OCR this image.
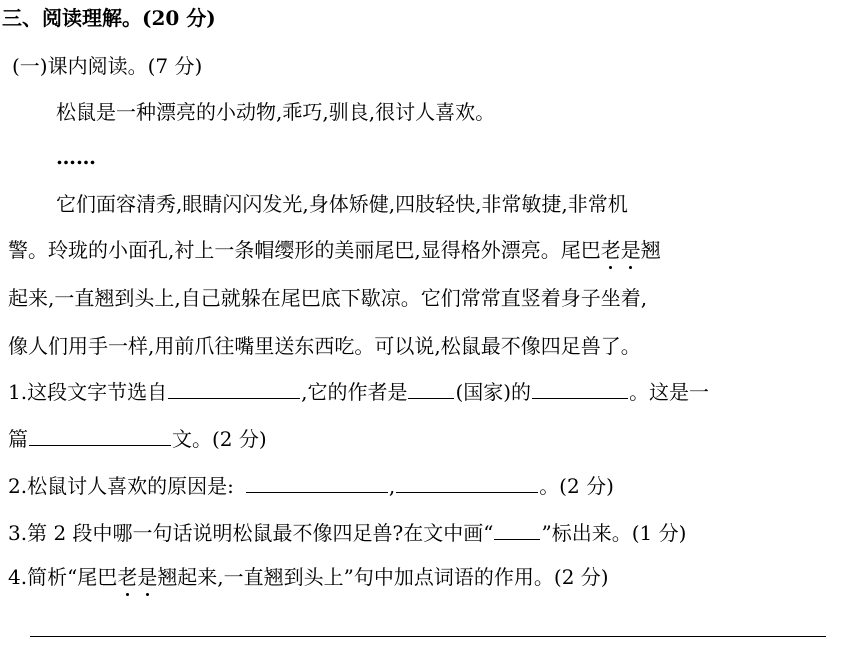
三、阅读理解。(20 分)
(一)课内阅读。(7 分)
松鼠是一种漂亮的小动物,乖巧,驯良,很讨人喜欢。
……
它们面容清秀,眼睛闪闪发光,身体矫健,四肢轻快,非常敏捷,非常机
警。玲珑的小面孔,衬上一条帽缨形的美丽尾巴,显得格外漂亮。尾巴老是翘
起来,一直翘到头上,自己就躲在尾巴底下歇凉。它们常常直竖着身子坐着,
像人们用手一样,用前爪往嘴里送东西吃。可以说,松鼠最不像四足兽了。
1.这段文字节选自	,它的作者是 (国家)的	。这是一
篇	文。(2 分)
2.松鼠讨人喜欢的原因是:	,	。(2 分)
3.第 2 段中哪一句话说明松鼠最不像四足兽?在文中画“ ”标出来。(1 分)
4.简析“尾巴老是翘起来,一直翘到头上”句中加点词语的作用。(2 分)
